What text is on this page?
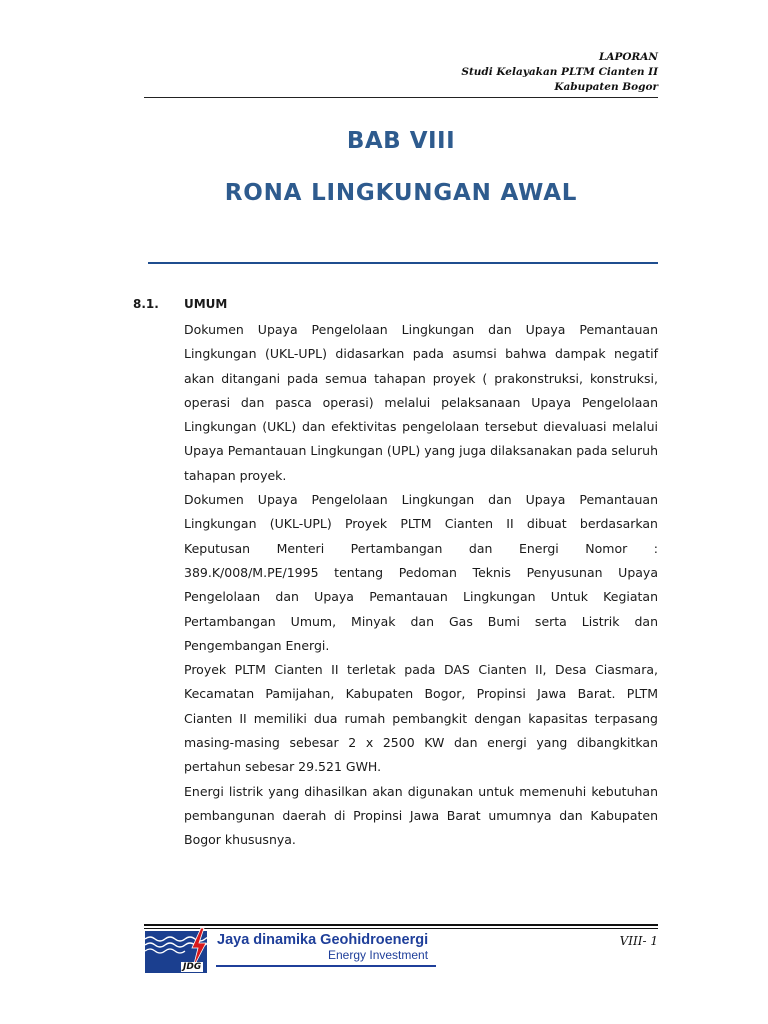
LAPORAN
Studi Kelayakan PLTM Cianten II
Kabupaten Bogor
BAB VIII
RONA LINGKUNGAN AWAL
8.1. UMUM

Dokumen Upaya Pengelolaan Lingkungan dan Upaya Pemantauan Lingkungan (UKL-UPL) didasarkan pada asumsi bahwa dampak negatif akan ditangani pada semua tahapan proyek ( prakonstruksi, konstruksi, operasi dan pasca operasi) melalui pelaksanaan Upaya Pengelolaan Lingkungan (UKL) dan efektivitas pengelolaan tersebut dievaluasi melalui Upaya Pemantauan Lingkungan (UPL) yang juga dilaksanakan pada seluruh tahapan proyek.

Dokumen Upaya Pengelolaan Lingkungan dan Upaya Pemantauan Lingkungan (UKL-UPL) Proyek PLTM Cianten II dibuat berdasarkan Keputusan Menteri Pertambangan dan Energi Nomor : 389.K/008/M.PE/1995 tentang Pedoman Teknis Penyusunan Upaya Pengelolaan dan Upaya Pemantauan Lingkungan Untuk Kegiatan Pertambangan Umum, Minyak dan Gas Bumi serta Listrik dan Pengembangan Energi.

Proyek PLTM Cianten II terletak pada DAS Cianten II, Desa Ciasmara, Kecamatan Pamijahan, Kabupaten Bogor, Propinsi Jawa Barat. PLTM Cianten II memiliki dua rumah pembangkit dengan kapasitas terpasang masing-masing sebesar 2 x 2500 KW dan energi yang dibangkitkan pertahun sebesar 29.521 GWH.

Energi listrik yang dihasilkan akan digunakan untuk memenuhi kebutuhan pembangunan daerah di Propinsi Jawa Barat umumnya dan Kabupaten Bogor khususnya.

JDG
Jaya dinamika Geohidroenergi
Energy Investment
VIII- 1
